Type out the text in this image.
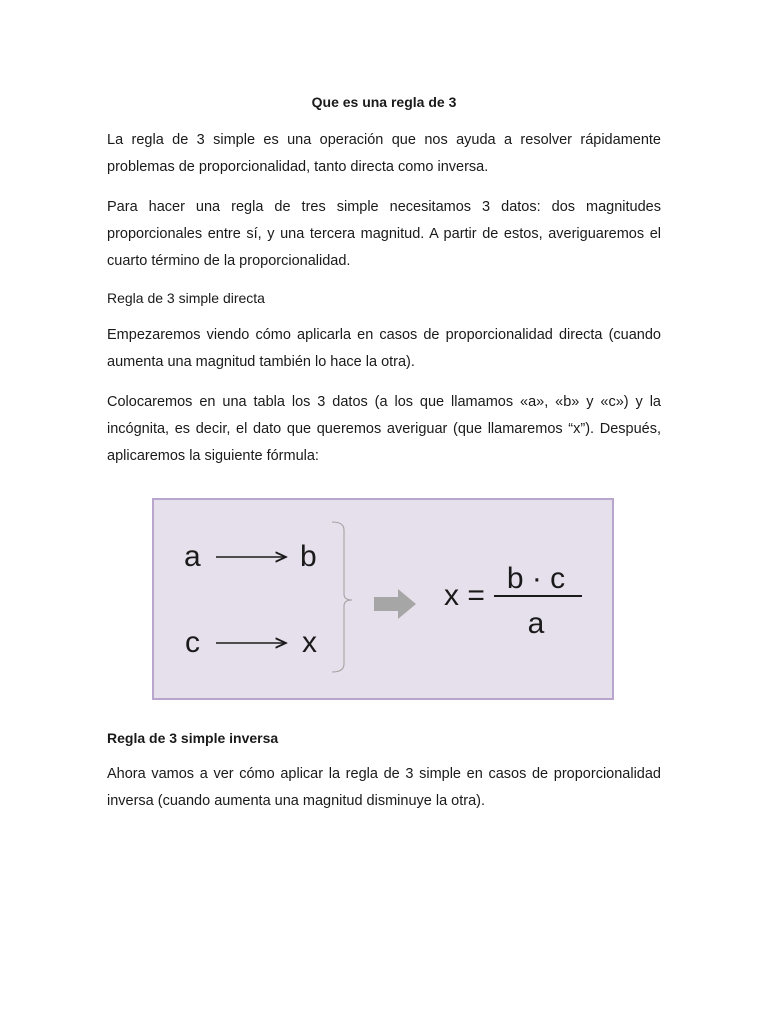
Que es una regla de 3

La regla de 3 simple es una operación que nos ayuda a resolver rápidamente problemas de proporcionalidad, tanto directa como inversa.

Para hacer una regla de tres simple necesitamos 3 datos: dos magnitudes proporcionales entre sí, y una tercera magnitud. A partir de estos, averiguaremos el cuarto término de la proporcionalidad.

Regla de 3 simple directa

Empezaremos viendo cómo aplicarla en casos de proporcionalidad directa (cuando aumenta una magnitud también lo hace la otra).

Colocaremos en una tabla los 3 datos (a los que llamamos «a», «b» y «c») y la incógnita, es decir, el dato que queremos averiguar (que llamaremos “x”). Después, aplicaremos la siguiente fórmula:

a	b
c	x
x =
b · c
a
Regla de 3 simple inversa

Ahora vamos a ver cómo aplicar la regla de 3 simple en casos de proporcionalidad inversa (cuando aumenta una magnitud disminuye la otra).
